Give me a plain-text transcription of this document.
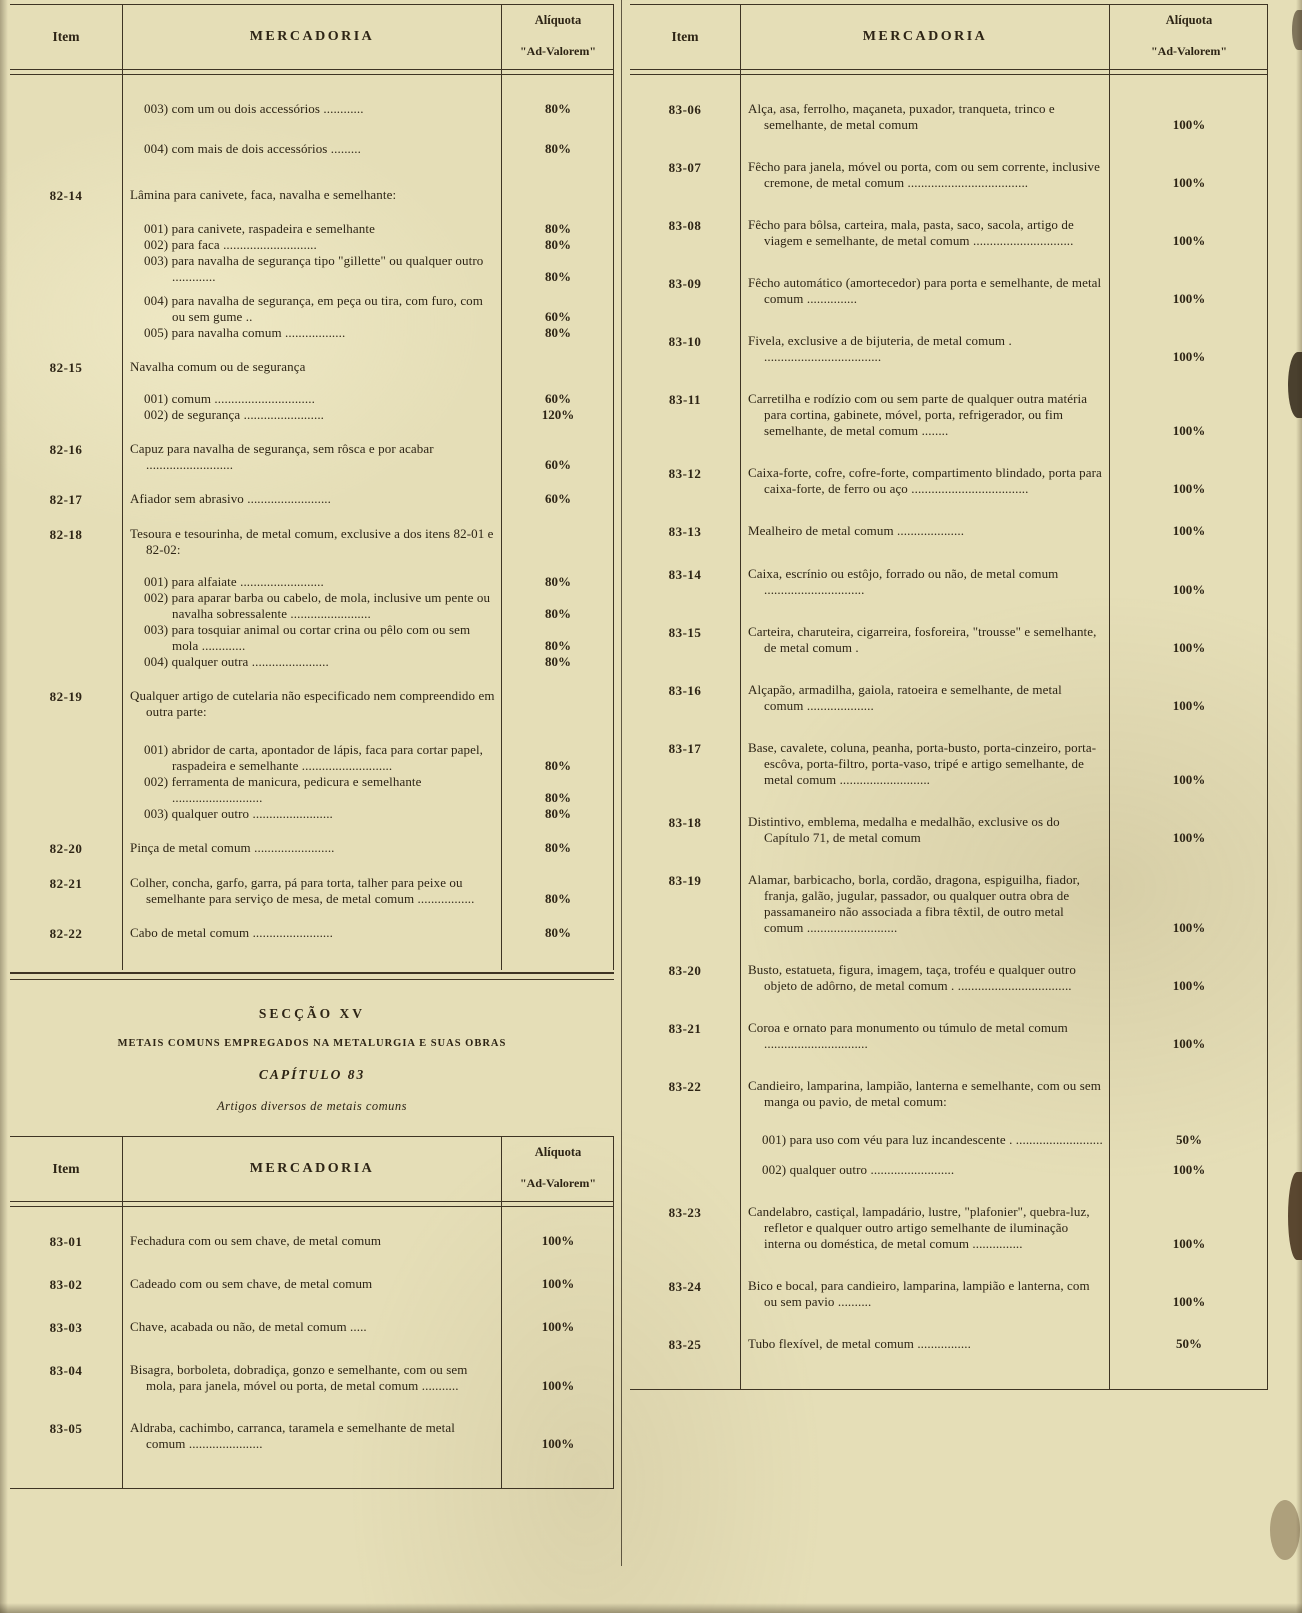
Item	MERCADORIA
Alíquota
"Ad-Valorem"
003) com um ou dois accessórios ............	80%
004) com mais de dois accessórios .........	80%
82-14	Lâmina para canivete, faca, navalha e semelhante:
001) para canivete, raspadeira e semelhante	80%
002) para faca ............................	80%
003) para navalha de segurança tipo "gillette" ou qualquer outro .............	80%
004) para navalha de segurança, em peça ou tira, com furo, com ou sem gume ..	60%
005) para navalha comum ..................	80%
82-15	Navalha comum ou de segurança
001) comum ..............................	60%
002) de segurança ........................	120%
82-16	Capuz para navalha de segurança, sem rôsca e por acabar ..........................	60%
82-17	Afiador sem abrasivo .........................	60%
82-18	Tesoura e tesourinha, de metal comum, exclusive a dos itens 82-01 e 82-02:
001) para alfaiate .........................	80%
002) para aparar barba ou cabelo, de mola, inclusive um pente ou navalha sobressalente ........................	80%
003) para tosquiar animal ou cortar crina ou pêlo com ou sem mola .............	80%
004) qualquer outra .......................	80%
82-19	Qualquer artigo de cutelaria não especificado nem compreendido em outra parte:
001) abridor de carta, apontador de lápis, faca para cortar papel, raspadeira e semelhante ...........................	80%
002) ferramenta de manicura, pedicura e semelhante ...........................	80%
003) qualquer outro ........................	80%
82-20	Pinça de metal comum ........................	80%
82-21	Colher, concha, garfo, garra, pá para torta, talher para peixe ou semelhante para serviço de mesa, de metal comum .................	80%
82-22	Cabo de metal comum ........................	80%
SECÇÃO XV
METAIS COMUNS EMPREGADOS NA METALURGIA E SUAS OBRAS
CAPÍTULO 83
Artigos diversos de metais comuns
Item	MERCADORIA
Alíquota
"Ad-Valorem"
83-01	Fechadura com ou sem chave, de metal comum	100%
83-02	Cadeado com ou sem chave, de metal comum	100%
83-03	Chave, acabada ou não, de metal comum .....	100%
83-04	Bisagra, borboleta, dobradiça, gonzo e semelhante, com ou sem mola, para janela, móvel ou porta, de metal comum ...........	100%
83-05	Aldraba, cachimbo, carranca, taramela e semelhante de metal comum ......................	100%
Item	MERCADORIA
Alíquota
"Ad-Valorem"
83-06	Alça, asa, ferrolho, maçaneta, puxador, tranqueta, trinco e semelhante, de metal comum	100%
83-07	Fêcho para janela, móvel ou porta, com ou sem corrente, inclusive cremone, de metal comum ....................................	100%
83-08	Fêcho para bôlsa, carteira, mala, pasta, saco, sacola, artigo de viagem e semelhante, de metal comum ..............................	100%
83-09	Fêcho automático (amortecedor) para porta e semelhante, de metal comum ...............	100%
83-10	Fivela, exclusive a de bijuteria, de metal comum . ...................................	100%
83-11	Carretilha e rodízio com ou sem parte de qualquer outra matéria para cortina, gabinete, móvel, porta, refrigerador, ou fim semelhante, de metal comum ........	100%
83-12	Caixa-forte, cofre, cofre-forte, compartimento blindado, porta para caixa-forte, de ferro ou aço ...................................	100%
83-13	Mealheiro de metal comum ....................	100%
83-14	Caixa, escrínio ou estôjo, forrado ou não, de metal comum ..............................	100%
83-15	Carteira, charuteira, cigarreira, fosforeira, "trousse" e semelhante, de metal comum .	100%
83-16	Alçapão, armadilha, gaiola, ratoeira e semelhante, de metal comum ....................	100%
83-17	Base, cavalete, coluna, peanha, porta-busto, porta-cinzeiro, porta-escôva, porta-filtro, porta-vaso, tripé e artigo semelhante, de metal comum ...........................	100%
83-18	Distintivo, emblema, medalha e medalhão, exclusive os do Capítulo 71, de metal comum	100%
83-19	Alamar, barbicacho, borla, cordão, dragona, espiguilha, fiador, franja, galão, jugular, passador, ou qualquer outra obra de passamaneiro não associada a fibra têxtil, de outro metal comum ...........................	100%
83-20	Busto, estatueta, figura, imagem, taça, troféu e qualquer outro objeto de adôrno, de metal comum . ..................................	100%
83-21	Coroa e ornato para monumento ou túmulo de metal comum ...............................	100%
83-22	Candieiro, lamparina, lampião, lanterna e semelhante, com ou sem manga ou pavio, de metal comum:
001) para uso com véu para luz incandescente . ..........................	50%
002) qualquer outro .........................	100%
83-23	Candelabro, castiçal, lampadário, lustre, "plafonier", quebra-luz, refletor e qualquer outro artigo semelhante de iluminação interna ou doméstica, de metal comum ...............	100%
83-24	Bico e bocal, para candieiro, lamparina, lampião e lanterna, com ou sem pavio ..........	100%
83-25	Tubo flexível, de metal comum ................	50%
